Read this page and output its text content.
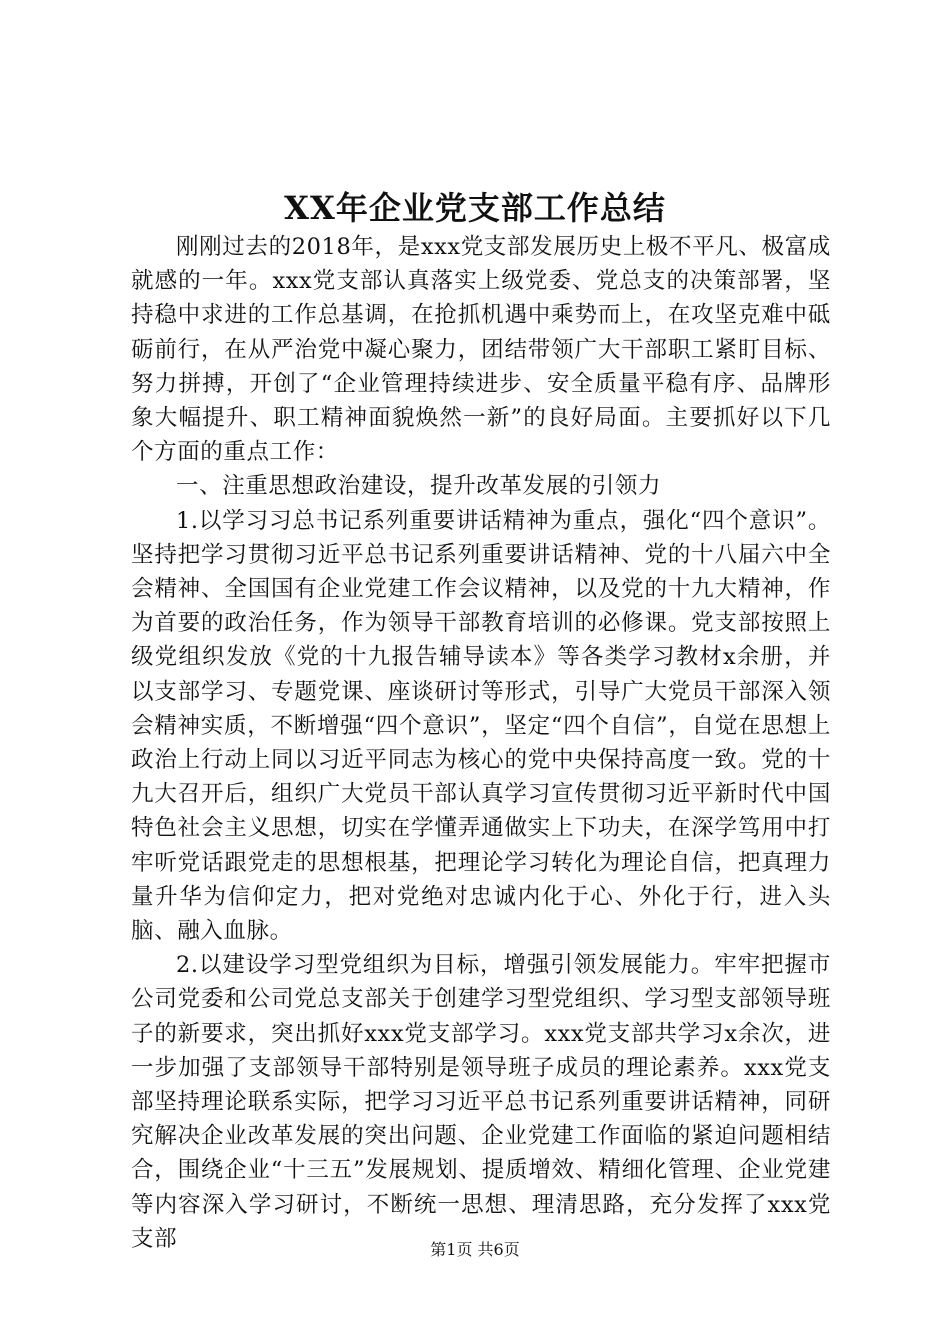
XX年企业党支部工作总结

刚刚过去的2018年，是xxx党支部发展历史上极不平凡、极富成就感的一年。xxx党支部认真落实上级党委、党总支的决策部署，坚持稳中求进的工作总基调，在抢抓机遇中乘势而上，在攻坚克难中砥砺前行，在从严治党中凝心聚力，团结带领广大干部职工紧盯目标、努力拼搏，开创了“企业管理持续进步、安全质量平稳有序、品牌形象大幅提升、职工精神面貌焕然一新”的良好局面。主要抓好以下几个方面的重点工作：

一、注重思想政治建设，提升改革发展的引领力

1.以学习习总书记系列重要讲话精神为重点，强化“四个意识”。坚持把学习贯彻习近平总书记系列重要讲话精神、党的十八届六中全会精神、全国国有企业党建工作会议精神，以及党的十九大精神，作为首要的政治任务，作为领导干部教育培训的必修课。党支部按照上级党组织发放《党的十九报告辅导读本》等各类学习教材x余册，并以支部学习、专题党课、座谈研讨等形式，引导广大党员干部深入领会精神实质，不断增强“四个意识”，坚定“四个自信”，自觉在思想上政治上行动上同以习近平同志为核心的党中央保持高度一致。党的十九大召开后，组织广大党员干部认真学习宣传贯彻习近平新时代中国特色社会主义思想，切实在学懂弄通做实上下功夫，在深学笃用中打牢听党话跟党走的思想根基，把理论学习转化为理论自信，把真理力量升华为信仰定力，把对党绝对忠诚内化于心、外化于行，进入头脑、融入血脉。

2.以建设学习型党组织为目标，增强引领发展能力。牢牢把握市公司党委和公司党总支部关于创建学习型党组织、学习型支部领导班子的新要求，突出抓好xxx党支部学习。xxx党支部共学习x余次，进一步加强了支部领导干部特别是领导班子成员的理论素养。xxx党支部坚持理论联系实际，把学习习近平总书记系列重要讲话精神，同研究解决企业改革发展的突出问题、企业党建工作面临的紧迫问题相结合，围绕企业“十三五”发展规划、提质增效、精细化管理、企业党建等内容深入学习研讨，不断统一思想、理清思路，充分发挥了xxx党支部	第1页 共6页
